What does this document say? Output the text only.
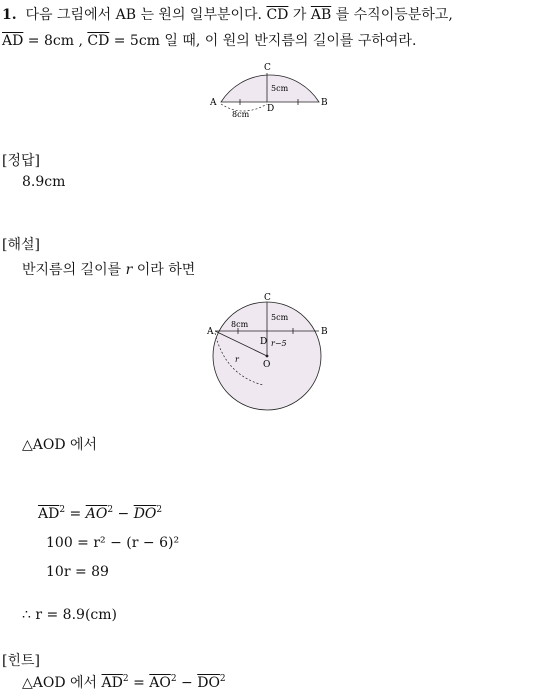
1. 다음 그림에서 AB 는 원의 일부분이다. $\overline{CD}$ 가 $\overline{AB}$ 를 수직이등분하고,
$\overline{AD} = 8cm$ , $\overline{CD} = 5cm$ 일 때, 이 원의 반지름의 길이를 구하여라.
A	B
C
D
5cm
8cm
[정답]
8.9cm
[해설]
반지름의 길이를 r 이라 하면
A	B
C
D
O
5cm
8cm
r−5
r
△AOD 에서
$\overline{AD}^2 = \overline{AO}^2 - \overline{DO}^2$
100 = r² − (r − 6)²
10r = 89
∴ r = 8.9(cm)
[힌트]
△AOD 에서 $\overline{AD}^2 = \overline{AO}^2 - \overline{DO}^2$
